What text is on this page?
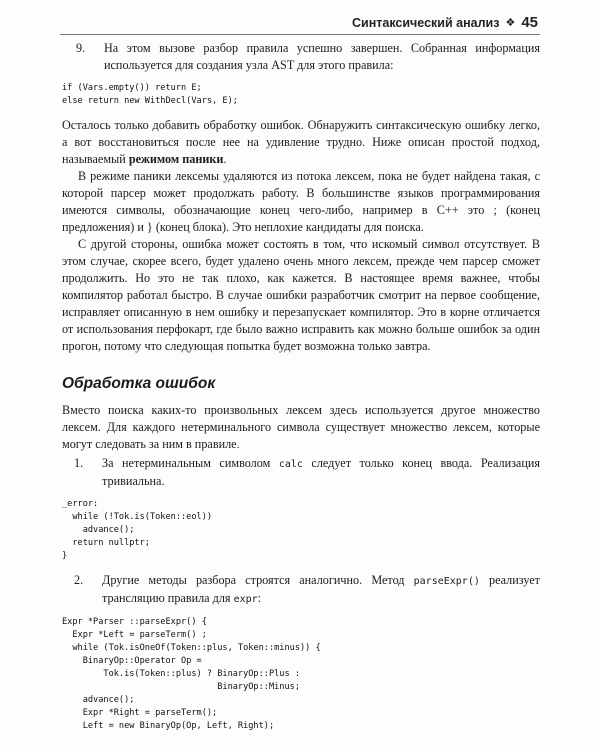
Синтаксический анализ ❖ 45
9.	На этом вызове разбор правила успешно завершен. Собранная информация используется для создания узла AST для этого правила:
if (Vars.empty()) return E;
else return new WithDecl(Vars, E);

Осталось только добавить обработку ошибок. Обнаружить синтаксическую ошибку легко, а вот восстановиться после нее на удивление трудно. Ниже описан простой подход, называемый режимом паники.

В режиме паники лексемы удаляются из потока лексем, пока не будет найдена такая, с которой парсер может продолжать работу. В большинстве языков программирования имеются символы, обозначающие конец чего-либо, например в C++ это ; (конец предложения) и } (конец блока). Это неплохие кандидаты для поиска.

С другой стороны, ошибка может состоять в том, что искомый символ отсутствует. В этом случае, скорее всего, будет удалено очень много лексем, прежде чем парсер сможет продолжить. Но это не так плохо, как кажется. В настоящее время важнее, чтобы компилятор работал быстро. В случае ошибки разработчик смотрит на первое сообщение, исправляет описанную в нем ошибку и перезапускает компилятор. Это в корне отличается от использования перфокарт, где было важно исправить как можно больше ошибок за один прогон, потому что следующая попытка будет возможна только завтра.

Обработка ошибок

Вместо поиска каких-то произвольных лексем здесь используется другое множество лексем. Для каждого нетерминального символа существует множество лексем, которые могут следовать за ним в правиле.

1.	За нетерминальным символом calc следует только конец ввода. Реализация тривиальна.
_error:
while (!Tok.is(Token::eol))
advance();
return nullptr;
}
2.	Другие методы разбора строятся аналогично. Метод parseExpr() реализует трансляцию правила для expr:
Expr *Parser ::parseExpr() {
Expr *Left = parseTerm() ;
while (Tok.isOneOf(Token::plus, Token::minus)) {
BinaryOp::Operator Op =
Tok.is(Token::plus) ? BinaryOp::Plus :
BinaryOp::Minus;
advance();
Expr *Right = parseTerm();
Left = new BinaryOp(Op, Left, Right);
